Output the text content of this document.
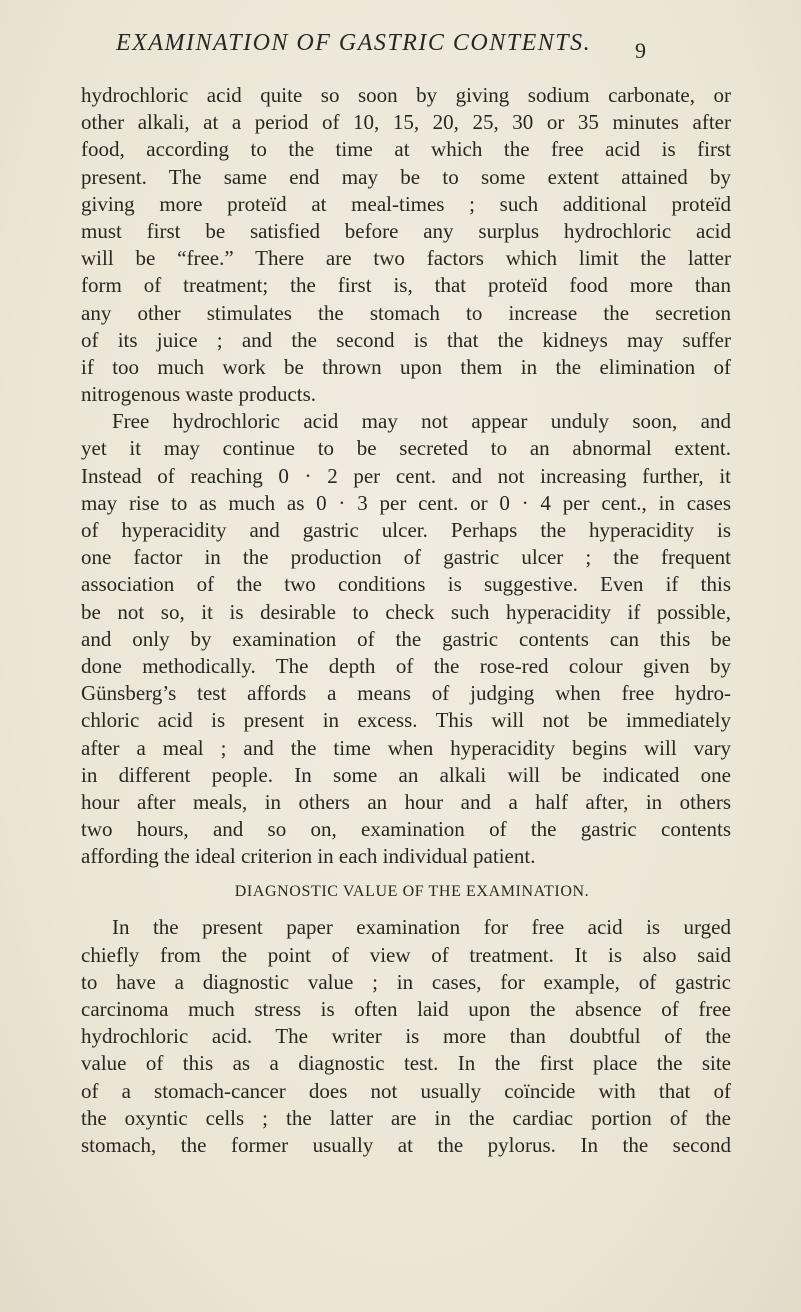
EXAMINATION OF GASTRIC CONTENTS. 9
hydrochloric acid quite so soon by giving sodium carbonate, or
other alkali, at a period of 10, 15, 20, 25, 30 or 35 minutes after
food, according to the time at which the free acid is first
present. The same end may be to some extent attained by
giving more proteïd at meal-times ; such additional proteïd
must first be satisfied before any surplus hydrochloric acid
will be “free.” There are two factors which limit the latter
form of treatment; the first is, that proteïd food more than
any other stimulates the stomach to increase the secretion
of its juice ; and the second is that the kidneys may suffer
if too much work be thrown upon them in the elimination of
nitrogenous waste products.
Free hydrochloric acid may not appear unduly soon, and
yet it may continue to be secreted to an abnormal extent.
Instead of reaching 0 · 2 per cent. and not increasing further, it
may rise to as much as 0 · 3 per cent. or 0 · 4 per cent., in cases
of hyperacidity and gastric ulcer. Perhaps the hyperacidity is
one factor in the production of gastric ulcer ; the frequent
association of the two conditions is suggestive. Even if this
be not so, it is desirable to check such hyperacidity if possible,
and only by examination of the gastric contents can this be
done methodically. The depth of the rose-red colour given by
Günsberg’s test affords a means of judging when free hydro-
chloric acid is present in excess. This will not be immediately
after a meal ; and the time when hyperacidity begins will vary
in different people. In some an alkali will be indicated one
hour after meals, in others an hour and a half after, in others
two hours, and so on, examination of the gastric contents
affording the ideal criterion in each individual patient.
DIAGNOSTIC VALUE OF THE EXAMINATION.
In the present paper examination for free acid is urged
chiefly from the point of view of treatment. It is also said
to have a diagnostic value ; in cases, for example, of gastric
carcinoma much stress is often laid upon the absence of free
hydrochloric acid. The writer is more than doubtful of the
value of this as a diagnostic test. In the first place the site
of a stomach-cancer does not usually coïncide with that of
the oxyntic cells ; the latter are in the cardiac portion of the
stomach, the former usually at the pylorus. In the second
